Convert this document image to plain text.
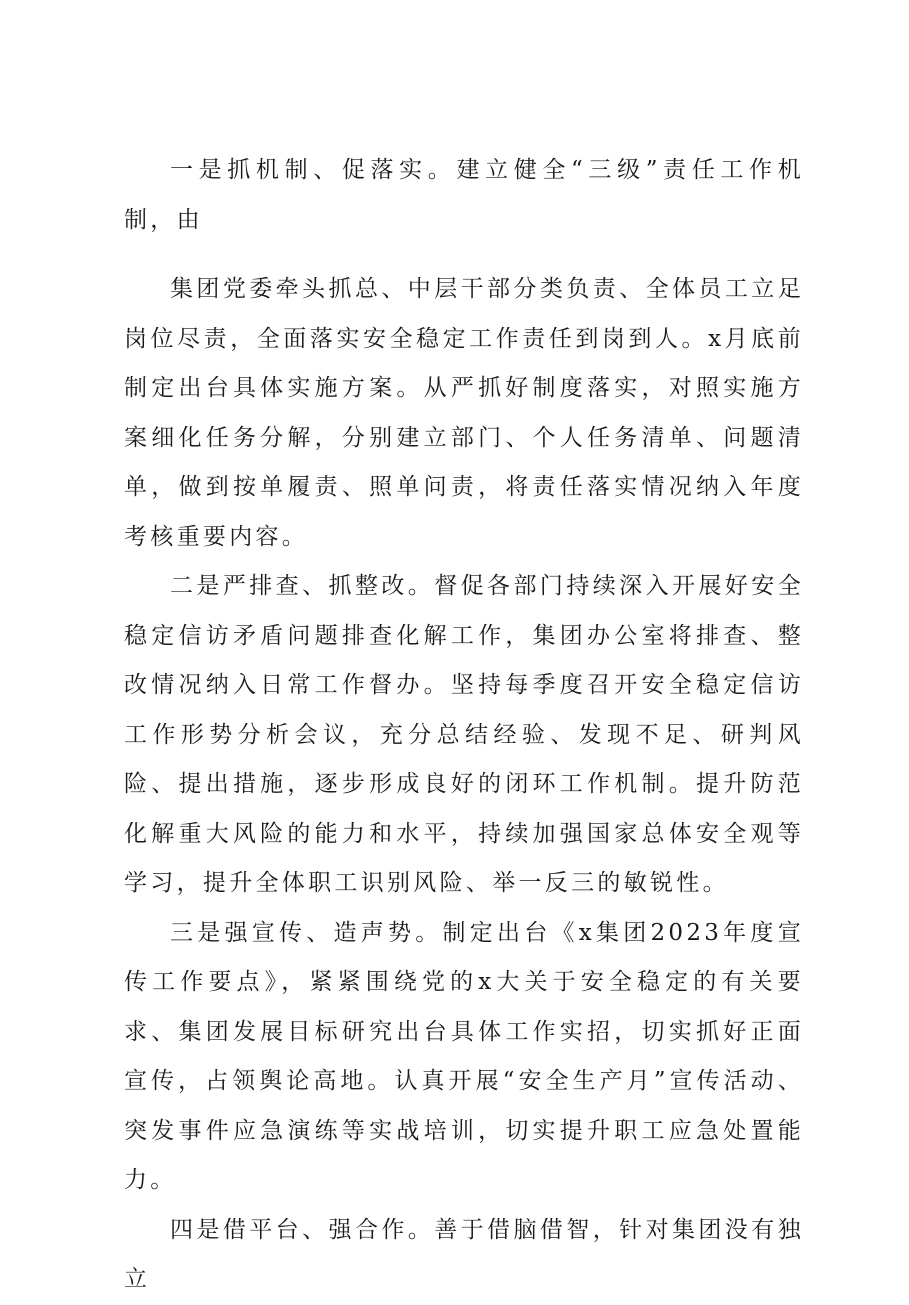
一是抓机制、促落实。建立健全“三级”责任工作机制，由

集团党委牵头抓总、中层干部分类负责、全体员工立足岗位尽责，全面落实安全稳定工作责任到岗到人。x月底前制定出台具体实施方案。从严抓好制度落实，对照实施方案细化任务分解，分别建立部门、个人任务清单、问题清单，做到按单履责、照单问责，将责任落实情况纳入年度考核重要内容。

二是严排查、抓整改。督促各部门持续深入开展好安全稳定信访矛盾问题排查化解工作，集团办公室将排查、整改情况纳入日常工作督办。坚持每季度召开安全稳定信访工作形势分析会议，充分总结经验、发现不足、研判风险、提出措施，逐步形成良好的闭环工作机制。提升防范化解重大风险的能力和水平，持续加强国家总体安全观等学习，提升全体职工识别风险、举一反三的敏锐性。

三是强宣传、造声势。制定出台《x集团2023年度宣传工作要点》，紧紧围绕党的x大关于安全稳定的有关要求、集团发展目标研究出台具体工作实招，切实抓好正面宣传，占领舆论高地。认真开展“安全生产月”宣传活动、突发事件应急演练等实战培训，切实提升职工应急处置能力。

四是借平台、强合作。善于借脑借智，针对集团没有独立
